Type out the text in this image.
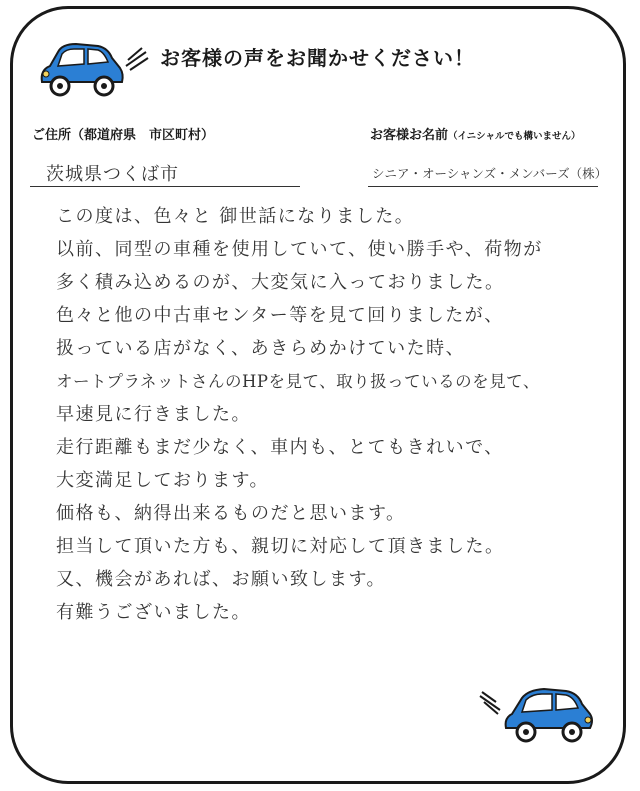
お客様の声をお聞かせください！
ご住所（都道府県　市区町村）	お客様お名前（イニシャルでも構いません）
茨城県つくば市	シニア・オーシャンズ・メンバーズ（株）
この度は、色々と 御世話になりました。
以前、同型の車種を使用していて、使い勝手や、荷物が
多く積み込めるのが、大変気に入っておりました。
色々と他の中古車センター等を見て回りましたが、
扱っている店がなく、あきらめかけていた時、
オートプラネットさんのHPを見て、取り扱っているのを見て、
早速見に行きました。
走行距離もまだ少なく、車内も、とてもきれいで、
大変満足しております。
価格も、納得出来るものだと思います。
担当して頂いた方も、親切に対応して頂きました。
又、機会があれば、お願い致します。
有難うございました。
